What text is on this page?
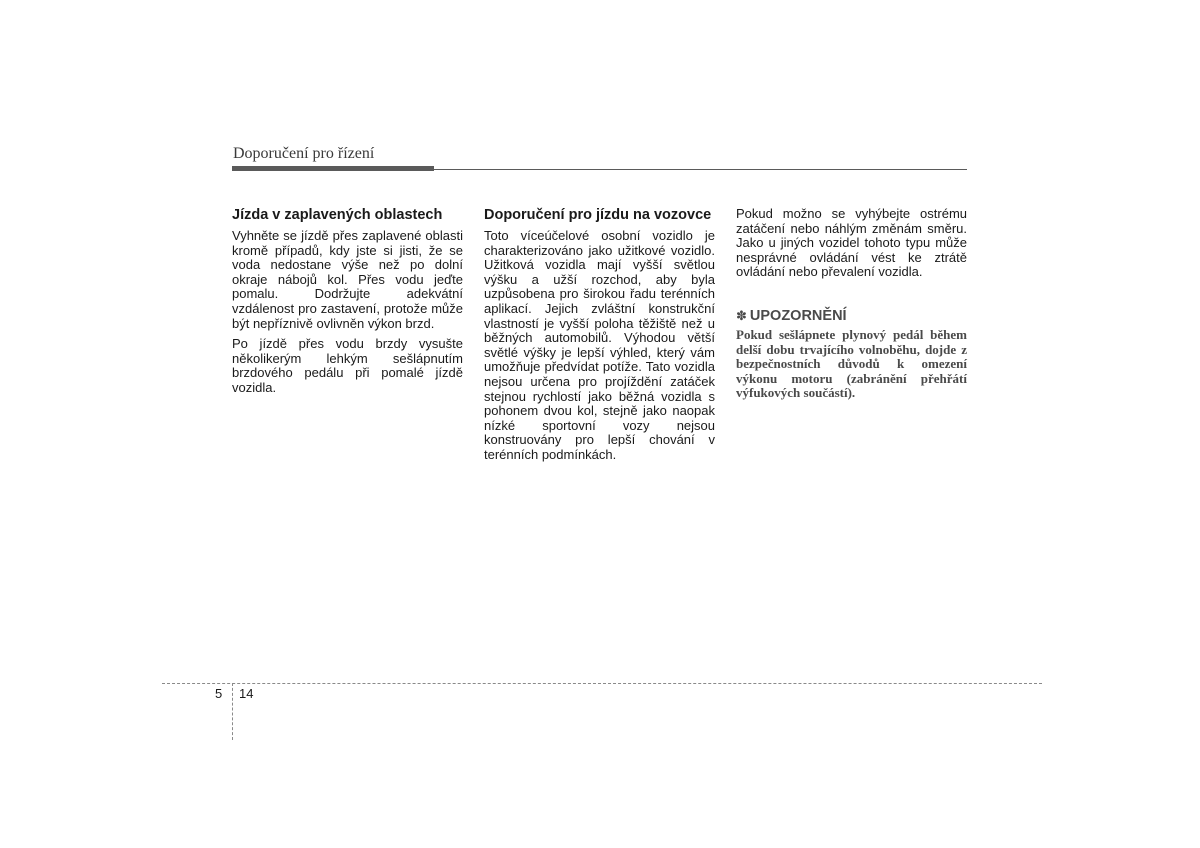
Doporučení pro řízení
Jízda v zaplavených oblastech

Vyhněte se jízdě přes zaplavené oblasti kromě případů, kdy jste si jisti, že se voda nedostane výše než po dolní okraje nábojů kol. Přes vodu jeďte pomalu. Dodržujte adekvátní vzdálenost pro zastavení, protože může být nepříznivě ovlivněn výkon brzd.

Po jízdě přes vodu brzdy vysušte několikerým lehkým sešlápnutím brzdového pedálu při pomalé jízdě vozidla.

Doporučení pro jízdu na vozovce

Toto víceúčelové osobní vozidlo je charakterizováno jako užitkové vozidlo. Užitková vozidla mají vyšší světlou výšku a užší rozchod, aby byla uzpůsobena pro širokou řadu terénních aplikací. Jejich zvláštní konstrukční vlastností je vyšší poloha těžiště než u běžných automobilů. Výhodou větší světlé výšky je lepší výhled, který vám umožňuje předvídat potíže. Tato vozidla nejsou určena pro projíždění zatáček stejnou rychlostí jako běžná vozidla s pohonem dvou kol, stejně jako naopak nízké sportovní vozy nejsou konstruovány pro lepší chování v terénních podmínkách.

Pokud možno se vyhýbejte ostrému zatáčení nebo náhlým změnám směru. Jako u jiných vozidel tohoto typu může nesprávné ovládání vést ke ztrátě ovládání nebo převalení vozidla.

✽ UPOZORNĚNÍ

Pokud sešlápnete plynový pedál během delší dobu trvajícího volnoběhu, dojde z bezpečnostních důvodů k omezení výkonu motoru (zabránění přehřátí výfukových součástí).

5 14
